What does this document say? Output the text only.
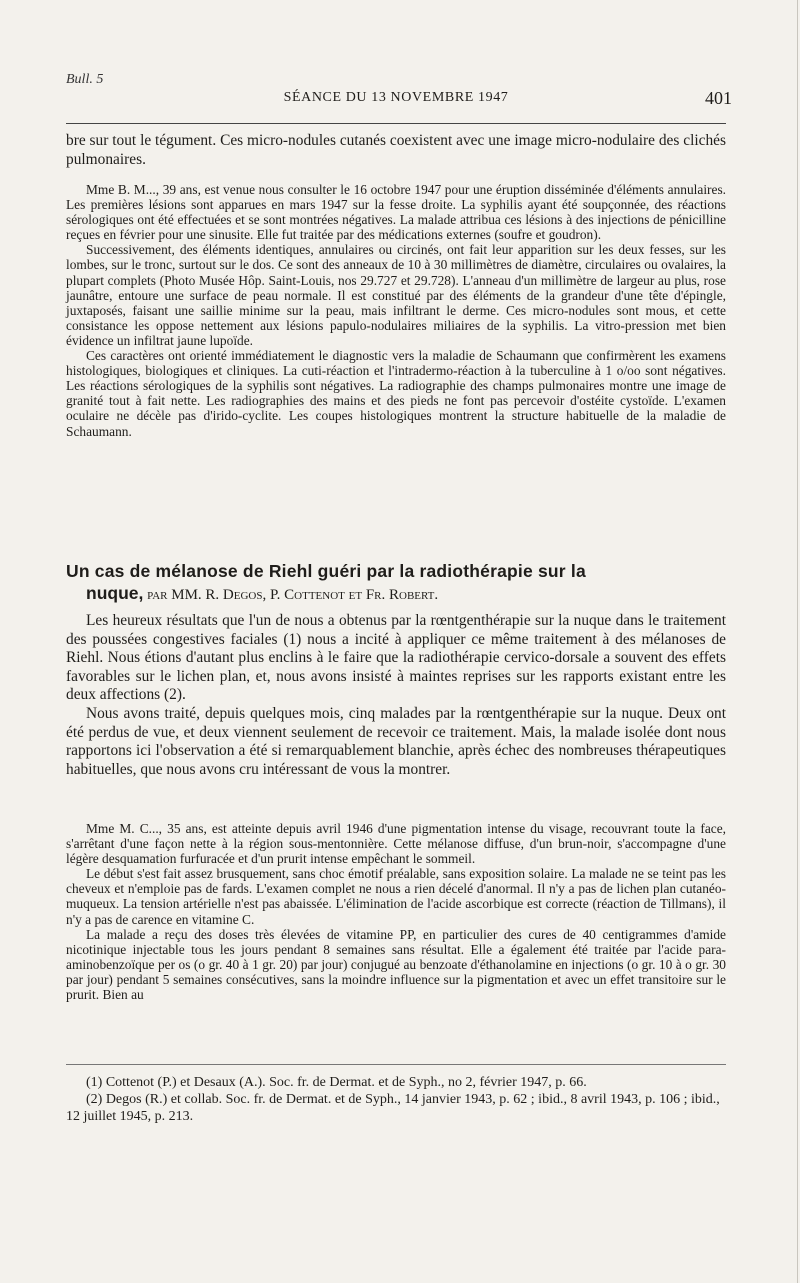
Bull. 5
SÉANCE DU 13 NOVEMBRE 1947	401

bre sur tout le tégument. Ces micro-nodules cutanés coexistent avec une image micro-nodulaire des clichés pulmonaires.

Mme B. M..., 39 ans, est venue nous consulter le 16 octobre 1947 pour une éruption disséminée d'éléments annulaires. Les premières lésions sont apparues en mars 1947 sur la fesse droite. La syphilis ayant été soupçonnée, des réactions sérologiques ont été effectuées et se sont montrées négatives. La malade attribua ces lésions à des injections de pénicilline reçues en février pour une sinusite. Elle fut traitée par des médications externes (soufre et goudron).

Successivement, des éléments identiques, annulaires ou circinés, ont fait leur apparition sur les deux fesses, sur les lombes, sur le tronc, surtout sur le dos. Ce sont des anneaux de 10 à 30 millimètres de diamètre, circulaires ou ovalaires, la plupart complets (Photo Musée Hôp. Saint-Louis, nos 29.727 et 29.728). L'anneau d'un millimètre de largeur au plus, rose jaunâtre, entoure une surface de peau normale. Il est constitué par des éléments de la grandeur d'une tête d'épingle, juxtaposés, faisant une saillie minime sur la peau, mais infiltrant le derme. Ces micro-nodules sont mous, et cette consistance les oppose nettement aux lésions papulo-nodulaires miliaires de la syphilis. La vitro-pression met bien évidence un infiltrat jaune lupoïde.

Ces caractères ont orienté immédiatement le diagnostic vers la maladie de Schaumann que confirmèrent les examens histologiques, biologiques et cliniques. La cuti-réaction et l'intradermo-réaction à la tuberculine à 1 o/oo sont négatives. Les réactions sérologiques de la syphilis sont négatives. La radiographie des champs pulmonaires montre une image de granité tout à fait nette. Les radiographies des mains et des pieds ne font pas percevoir d'ostéite cystoïde. L'examen oculaire ne décèle pas d'irido-cyclite. Les coupes histologiques montrent la structure habituelle de la maladie de Schaumann.

Un cas de mélanose de Riehl guéri par la radiothérapie sur la
nuque, par MM. R. Degos, P. Cottenot et Fr. Robert.

Les heureux résultats que l'un de nous a obtenus par la rœntgenthérapie sur la nuque dans le traitement des poussées congestives faciales (1) nous a incité à appliquer ce même traitement à des mélanoses de Riehl. Nous étions d'autant plus enclins à le faire que la radiothérapie cervico-dorsale a souvent des effets favorables sur le lichen plan, et, nous avons insisté à maintes reprises sur les rapports existant entre les deux affections (2).

Nous avons traité, depuis quelques mois, cinq malades par la rœntgenthérapie sur la nuque. Deux ont été perdus de vue, et deux viennent seulement de recevoir ce traitement. Mais, la malade isolée dont nous rapportons ici l'observation a été si remarquablement blanchie, après échec des nombreuses thérapeutiques habituelles, que nous avons cru intéressant de vous la montrer.

Mme M. C..., 35 ans, est atteinte depuis avril 1946 d'une pigmentation intense du visage, recouvrant toute la face, s'arrêtant d'une façon nette à la région sous-mentonnière. Cette mélanose diffuse, d'un brun-noir, s'accompagne d'une légère desquamation furfuracée et d'un prurit intense empêchant le sommeil.

Le début s'est fait assez brusquement, sans choc émotif préalable, sans exposition solaire. La malade ne se teint pas les cheveux et n'emploie pas de fards. L'examen complet ne nous a rien décelé d'anormal. Il n'y a pas de lichen plan cutanéo-muqueux. La tension artérielle n'est pas abaissée. L'élimination de l'acide ascorbique est correcte (réaction de Tillmans), il n'y a pas de carence en vitamine C.

La malade a reçu des doses très élevées de vitamine PP, en particulier des cures de 40 centigrammes d'amide nicotinique injectable tous les jours pendant 8 semaines sans résultat. Elle a également été traitée par l'acide para-aminobenzoïque per os (o gr. 40 à 1 gr. 20) par jour) conjugué au benzoate d'éthanolamine en injections (o gr. 10 à o gr. 30 par jour) pendant 5 semaines consécutives, sans la moindre influence sur la pigmentation et avec un effet transitoire sur le prurit. Bien au

(1) Cottenot (P.) et Desaux (A.). Soc. fr. de Dermat. et de Syph., no 2, février 1947, p. 66.

(2) Degos (R.) et collab. Soc. fr. de Dermat. et de Syph., 14 janvier 1943, p. 62 ; ibid., 8 avril 1943, p. 106 ; ibid., 12 juillet 1945, p. 213.
